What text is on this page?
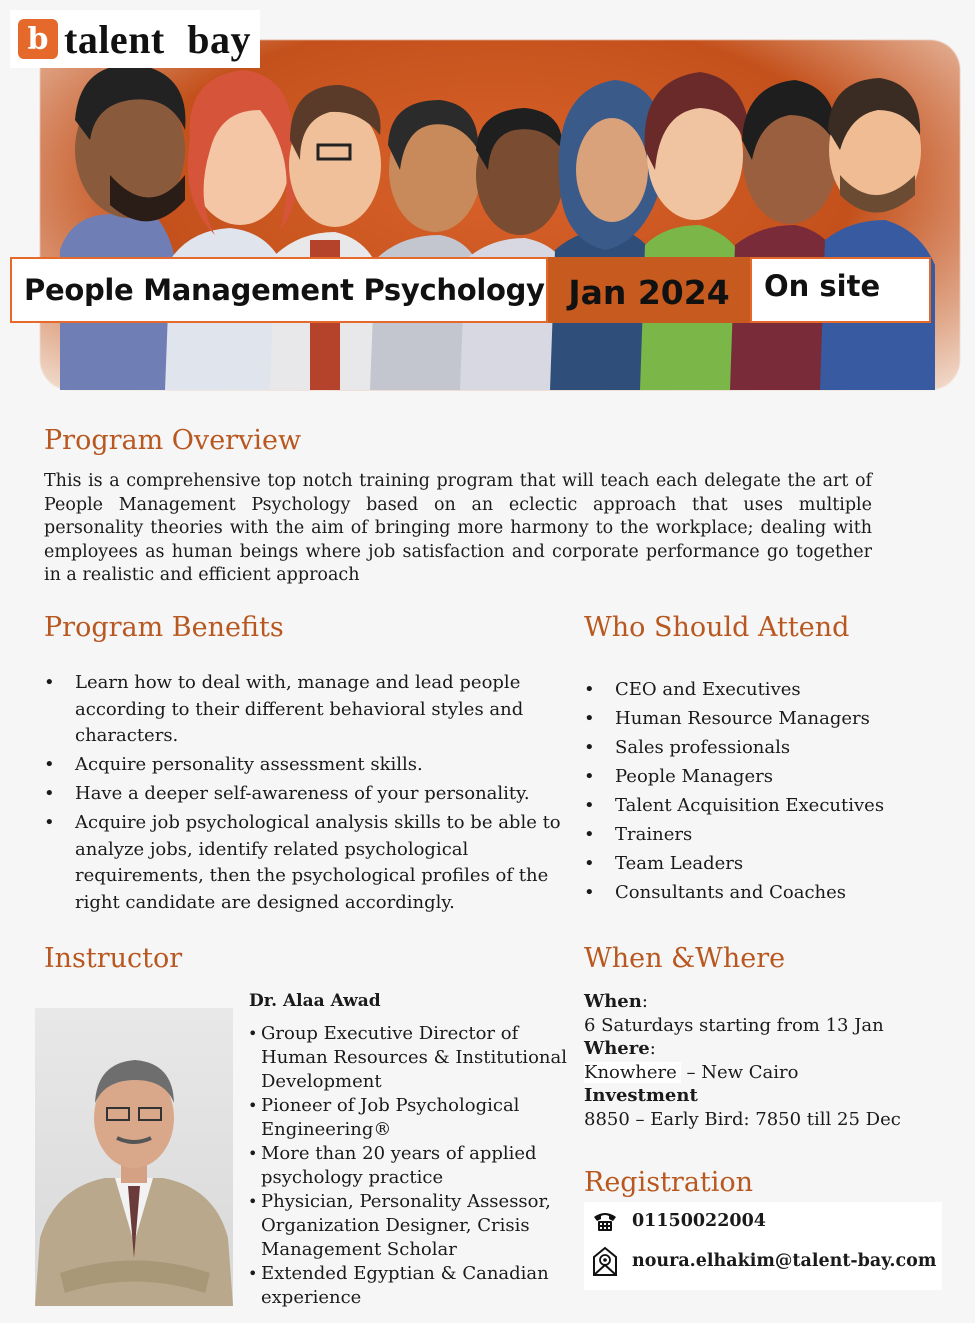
b talent bay
People Management Psychology Jan 2024	On site
Program Overview

This is a comprehensive top notch training program that will teach each delegate the art of People Management Psychology based on an eclectic approach that uses multiple personality theories with the aim of bringing more harmony to the workplace; dealing with employees as human beings where job satisfaction and corporate performance go together in a realistic and efficient approach

Program Benefits
• Learn how to deal with, manage and lead people according to their different behavioral styles and characters.
• Acquire personality assessment skills.
• Have a deeper self-awareness of your personality.
• Acquire job psychological analysis skills to be able to analyze jobs, identify related psychological requirements, then the psychological profiles of the right candidate are designed accordingly.
Who Should Attend
• CEO and Executives
• Human Resource Managers
• Sales professionals
• People Managers
• Talent Acquisition Executives
• Trainers
• Team Leaders
• Consultants and Coaches
Instructor
Dr. Alaa Awad
• Group Executive Director of Human Resources & Institutional Development
• Pioneer of Job Psychological Engineering®
• More than 20 years of applied psychology practice
• Physician, Personality Assessor, Organization Designer, Crisis Management Scholar
• Extended Egyptian & Canadian experience
When &Where
When:
6 Saturdays starting from 13 Jan
Where:
Knowhere – New Cairo
Investment
8850 – Early Bird: 7850 till 25 Dec
Registration
01150022004
noura.elhakim@talent-bay.com
